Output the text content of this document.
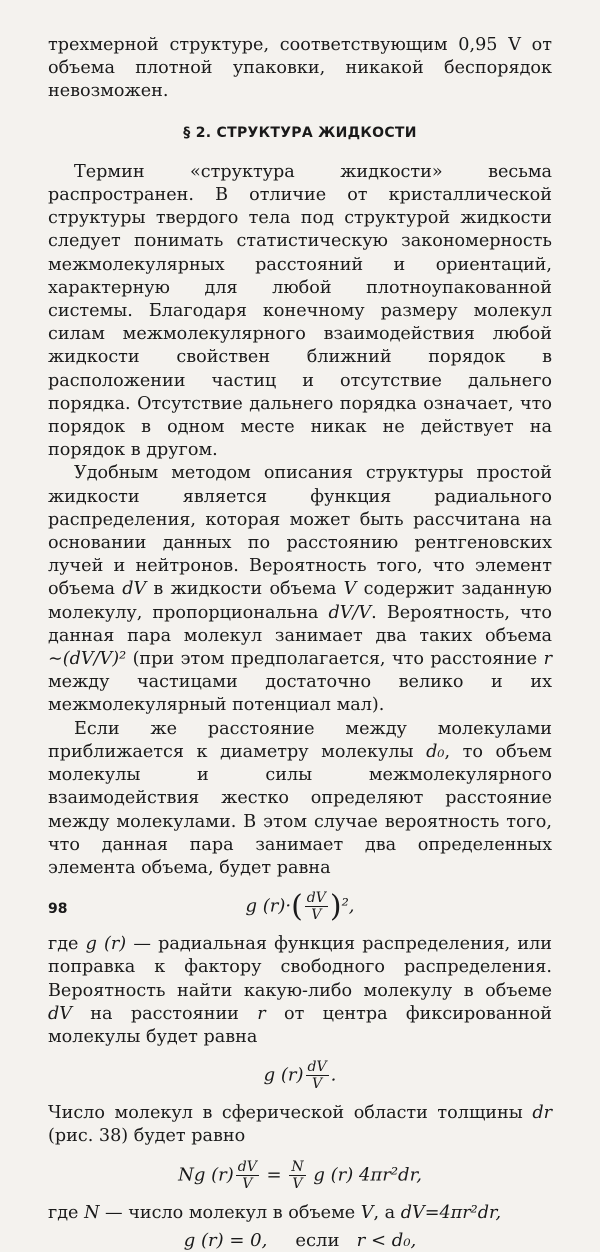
трехмерной структуре, соответствующим 0,95 V от объема плотной упаковки, никакой беспорядок невозможен.

§ 2. СТРУКТУРА ЖИДКОСТИ

Термин «структура жидкости» весьма распространен. В отличие от кристаллической структуры твердого тела под структурой жидкости следует понимать статистическую закономерность межмолекулярных расстояний и ориентаций, характерную для любой плотноупакованной системы. Благодаря конечному размеру молекул силам межмолекулярного взаимодействия любой жидкости свойствен ближний порядок в расположении частиц и отсутствие дальнего порядка. Отсутствие дальнего порядка означает, что порядок в одном месте никак не действует на порядок в другом.

Удобным методом описания структуры простой жидкости является функция радиального распределения, которая может быть рассчитана на основании данных по расстоянию рентгеновских лучей и нейтронов. Вероятность того, что элемент объема dV в жидкости объема V содержит заданную молекулу, пропорциональна dV/V. Вероятность, что данная пара молекул занимает два таких объема ∼(dV/V)² (при этом предполагается, что расстояние r между частицами достаточно велико и их межмолекулярный потенциал мал).

Если же расстояние между молекулами приближается к диаметру молекулы d₀, то объем молекулы и силы межмолекулярного взаимодействия жестко определяют расстояние между молекулами. В этом случае вероятность того, что данная пара занимает два определенных элемента объема, будет равна

g $(r)\cdot( \frac{dV}{V} )^2$,

где g (r) — радиальная функция распределения, или поправка к фактору свободного распределения. Вероятность найти какую-либо молекулу в объеме dV на расстоянии r от центра фиксированной молекулы будет равна

g $(r) \frac{dV}{V}$ .

Число молекул в сферической области толщины dr (рис. 38) будет равно

Ng $(r) \frac{dV}{V} = \frac{N}{V}$ g (r) 4πr²dr,

где N — число молекул в объеме V, а dV=4πr²dr,

g (r) = 0, если r < d₀,
98
